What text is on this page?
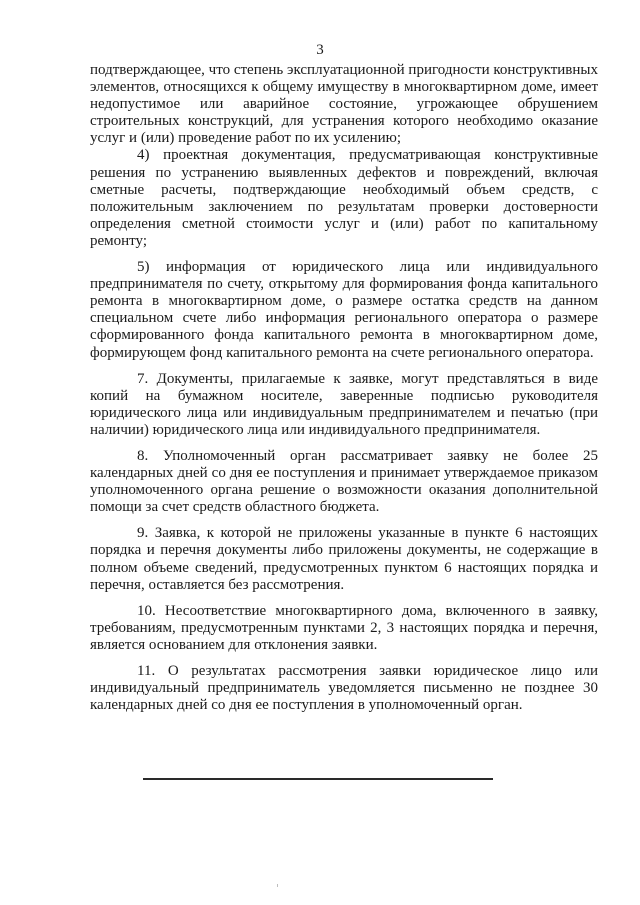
3

подтверждающее, что степень эксплуатационной пригодности конструктивных элементов, относящихся к общему имуществу в многоквартирном доме, имеет недопустимое или аварийное состояние, угрожающее обрушением строительных конструкций, для устранения которого необходимо оказание услуг и (или) проведение работ по их усилению;

4) проектная документация, предусматривающая конструктивные решения по устранению выявленных дефектов и повреждений, включая сметные расчеты, подтверждающие необходимый объем средств, с положительным заключением по результатам проверки достоверности определения сметной стоимости услуг и (или) работ по капитальному ремонту;

5) информация от юридического лица или индивидуального предпринимателя по счету, открытому для формирования фонда капитального ремонта в многоквартирном доме, о размере остатка средств на данном специальном счете либо информация регионального оператора о размере сформированного фонда капитального ремонта в многоквартирном доме, формирующем фонд капитального ремонта на счете регионального оператора.

7. Документы, прилагаемые к заявке, могут представляться в виде копий на бумажном носителе, заверенные подписью руководителя юридического лица или индивидуальным предпринимателем и печатью (при наличии) юридического лица или индивидуального предпринимателя.

8. Уполномоченный орган рассматривает заявку не более 25 календарных дней со дня ее поступления и принимает утверждаемое приказом уполномоченного органа решение о возможности оказания дополнительной помощи за счет средств областного бюджета.

9. Заявка, к которой не приложены указанные в пункте 6 настоящих порядка и перечня документы либо приложены документы, не содержащие в полном объеме сведений, предусмотренных пунктом 6 настоящих порядка и перечня, оставляется без рассмотрения.

10. Несоответствие многоквартирного дома, включенного в заявку, требованиям, предусмотренным пунктами 2, 3 настоящих порядка и перечня, является основанием для отклонения заявки.

11. О результатах рассмотрения заявки юридическое лицо или индивидуальный предприниматель уведомляется письменно не позднее 30 календарных дней со дня ее поступления в уполномоченный орган.
